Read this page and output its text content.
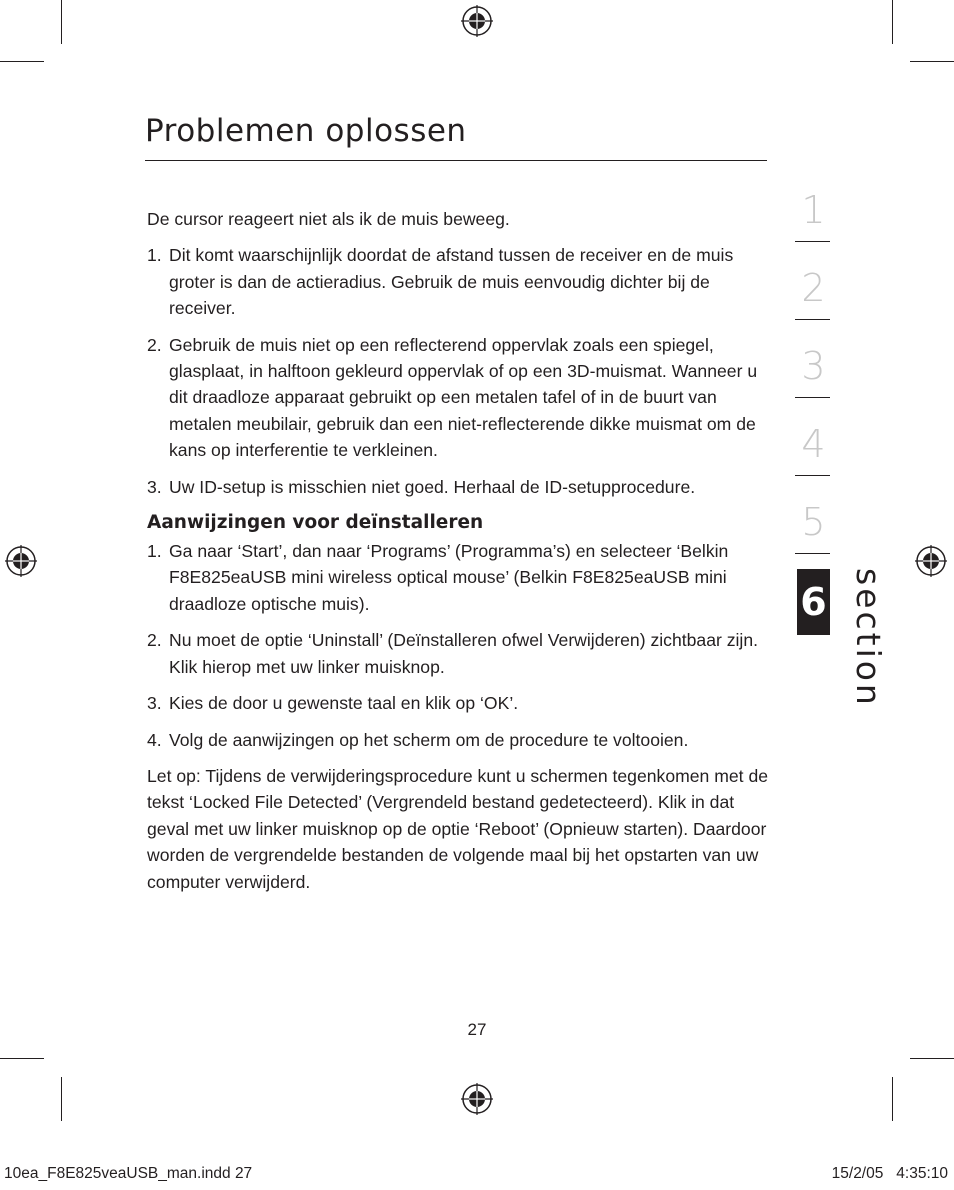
Problemen oplossen

De cursor reageert niet als ik de muis beweeg.

1. Dit komt waarschijnlijk doordat de afstand tussen de receiver en de muis groter is dan de actieradius. Gebruik de muis eenvoudig dichter bij de receiver.
2. Gebruik de muis niet op een reflecterend oppervlak zoals een spiegel, glasplaat, in halftoon gekleurd oppervlak of op een 3D-muismat. Wanneer u dit draadloze apparaat gebruikt op een metalen tafel of in de buurt van metalen meubilair, gebruik dan een niet-reflecterende dikke muismat om de kans op interferentie te verkleinen.
3. Uw ID-setup is misschien niet goed. Herhaal de ID-setupprocedure.
Aanwijzingen voor deïnstalleren
1. Ga naar ‘Start’, dan naar ‘Programs’ (Programma’s) en selecteer ‘Belkin F8E825eaUSB mini wireless optical mouse’ (Belkin F8E825eaUSB mini draadloze optische muis).
2. Nu moet de optie ‘Uninstall’ (Deïnstalleren ofwel Verwijderen) zichtbaar zijn. Klik hierop met uw linker muisknop.
3. Kies de door u gewenste taal en klik op ‘OK’.
4. Volg de aanwijzingen op het scherm om de procedure te voltooien.

Let op: Tijdens de verwijderingsprocedure kunt u schermen tegenkomen met de tekst ‘Locked File Detected’ (Vergrendeld bestand gedetecteerd). Klik in dat geval met uw linker muisknop op de optie ‘Reboot’ (Opnieuw starten). Daardoor worden de vergrendelde bestanden de volgende maal bij het opstarten van uw computer verwijderd.

1
2
3
4
5
6 section
27
10ea_F8E825veaUSB_man.indd 27	15/2/05   4:35:10
